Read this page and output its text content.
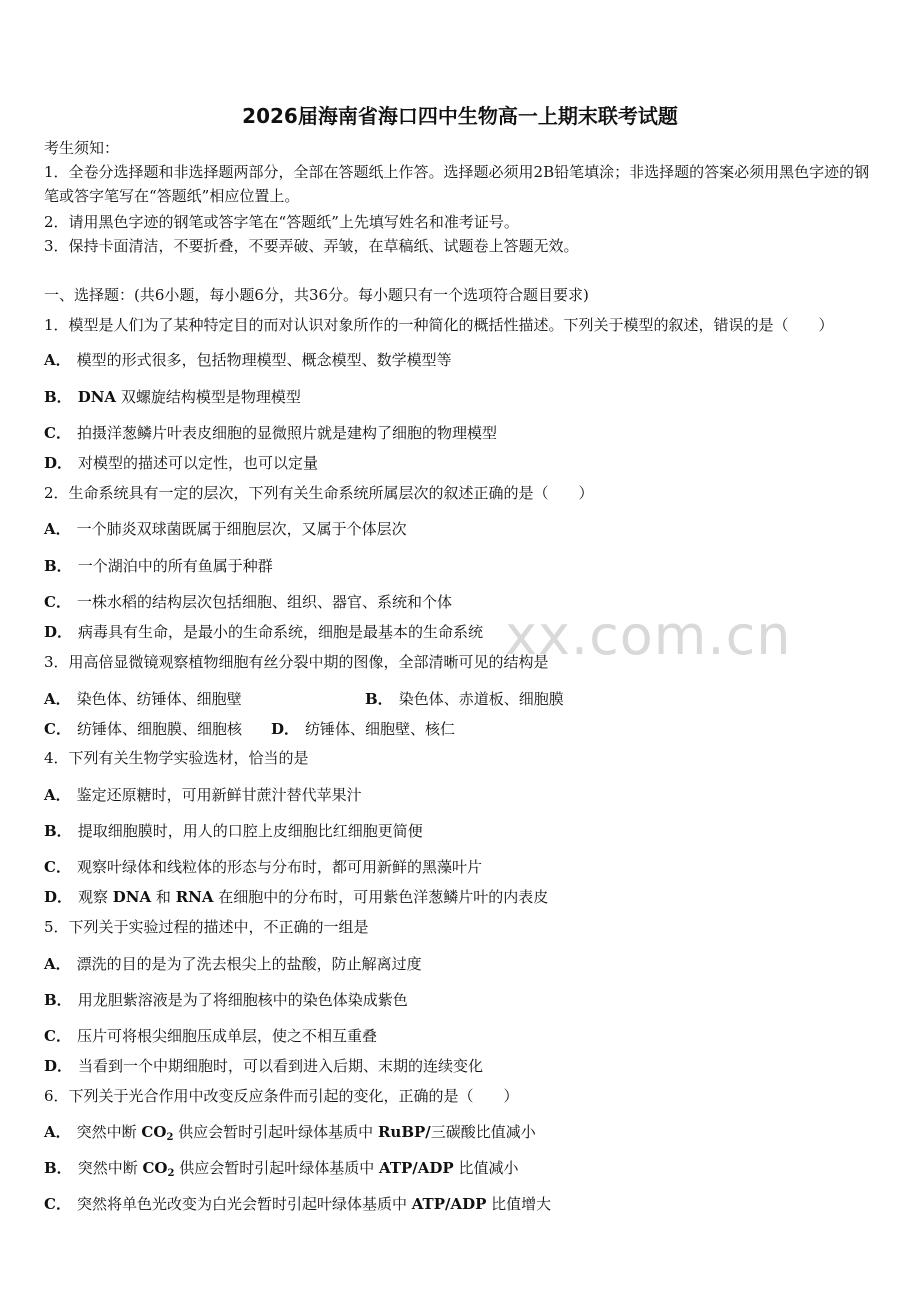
2026届海南省海口四中生物高一上期末联考试题
考生须知：
1．全卷分选择题和非选择题两部分，全部在答题纸上作答。选择题必须用2B铅笔填涂；非选择题的答案必须用黑色字迹的钢笔或答字笔写在“答题纸”相应位置上。
2．请用黑色字迹的钢笔或答字笔在“答题纸”上先填写姓名和准考证号。
3．保持卡面清洁，不要折叠，不要弄破、弄皱，在草稿纸、试题卷上答题无效。
一、选择题：(共6小题，每小题6分，共36分。每小题只有一个选项符合题目要求)
1．模型是人们为了某种特定目的而对认识对象所作的一种简化的概括性描述。下列关于模型的叙述，错误的是（　　）
A． 模型的形式很多，包括物理模型、概念模型、数学模型等
B． DNA 双螺旋结构模型是物理模型
C． 拍摄洋葱鳞片叶表皮细胞的显微照片就是建构了细胞的物理模型
D． 对模型的描述可以定性，也可以定量
2．生命系统具有一定的层次，下列有关生命系统所属层次的叙述正确的是（　　）
A． 一个肺炎双球菌既属于细胞层次，又属于个体层次
B． 一个湖泊中的所有鱼属于种群
C． 一株水稻的结构层次包括细胞、组织、器官、系统和个体
D． 病毒具有生命，是最小的生命系统，细胞是最基本的生命系统 xx.com.cn
3．用高倍显微镜观察植物细胞有丝分裂中期的图像，全部清晰可见的结构是
A． 染色体、纺锤体、细胞壁	B． 染色体、赤道板、细胞膜
C． 纺锤体、细胞膜、细胞核 D． 纺锤体、细胞壁、核仁
4．下列有关生物学实验选材，恰当的是
A． 鉴定还原糖时，可用新鲜甘蔗汁替代苹果汁
B． 提取细胞膜时，用人的口腔上皮细胞比红细胞更简便
C． 观察叶绿体和线粒体的形态与分布时，都可用新鲜的黑藻叶片
D． 观察 DNA 和 RNA 在细胞中的分布时，可用紫色洋葱鳞片叶的内表皮
5．下列关于实验过程的描述中，不正确的一组是
A． 漂洗的目的是为了洗去根尖上的盐酸，防止解离过度
B． 用龙胆紫溶液是为了将细胞核中的染色体染成紫色
C． 压片可将根尖细胞压成单层，使之不相互重叠
D． 当看到一个中期细胞时，可以看到进入后期、末期的连续变化
6．下列关于光合作用中改变反应条件而引起的变化，正确的是（　　）
A． 突然中断 $CO_2$ 供应会暂时引起叶绿体基质中 RuBP/三碳酸比值减小
B． 突然中断 $CO_2$ 供应会暂时引起叶绿体基质中 ATP/ADP 比值减小
C． 突然将单色光改变为白光会暂时引起叶绿体基质中 ATP/ADP 比值增大
